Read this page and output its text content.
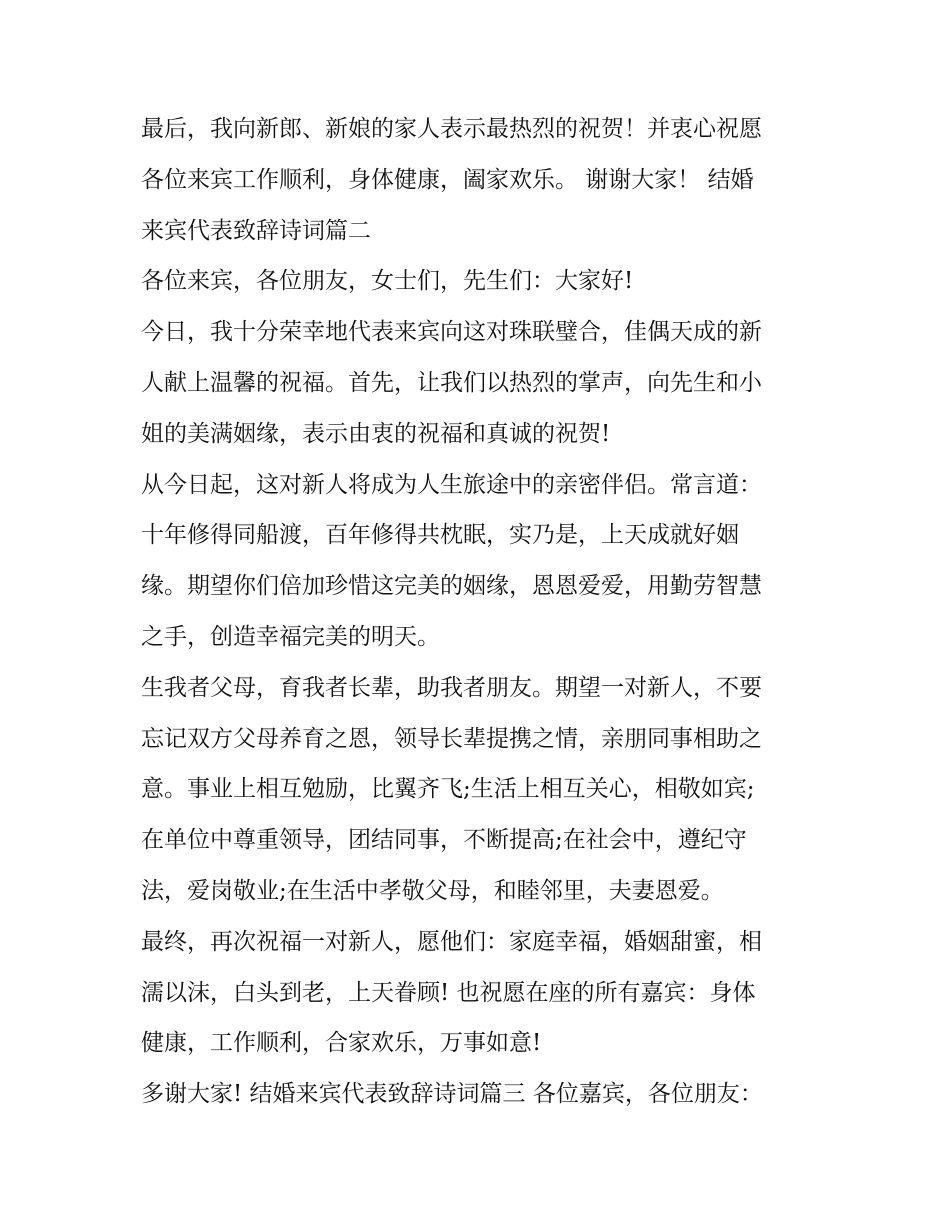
最后，我向新郎、新娘的家人表示最热烈的祝贺！并衷心祝愿
各位来宾工作顺利，身体健康，阖家欢乐。 谢谢大家！ 结婚
来宾代表致辞诗词篇二
各位来宾，各位朋友，女士们，先生们：大家好!
今日，我十分荣幸地代表来宾向这对珠联璧合，佳偶天成的新
人献上温馨的祝福。首先，让我们以热烈的掌声，向先生和小
姐的美满姻缘，表示由衷的祝福和真诚的祝贺!
从今日起，这对新人将成为人生旅途中的亲密伴侣。常言道：
十年修得同船渡，百年修得共枕眠，实乃是，上天成就好姻
缘。期望你们倍加珍惜这完美的姻缘，恩恩爱爱，用勤劳智慧
之手，创造幸福完美的明天。
生我者父母，育我者长辈，助我者朋友。期望一对新人，不要
忘记双方父母养育之恩，领导长辈提携之情，亲朋同事相助之
意。事业上相互勉励，比翼齐飞;生活上相互关心，相敬如宾;
在单位中尊重领导，团结同事，不断提高;在社会中，遵纪守
法，爱岗敬业;在生活中孝敬父母，和睦邻里，夫妻恩爱。
最终，再次祝福一对新人，愿他们：家庭幸福，婚姻甜蜜，相
濡以沫，白头到老，上天眷顾! 也祝愿在座的所有嘉宾：身体
健康，工作顺利，合家欢乐，万事如意!
多谢大家! 结婚来宾代表致辞诗词篇三 各位嘉宾，各位朋友：
